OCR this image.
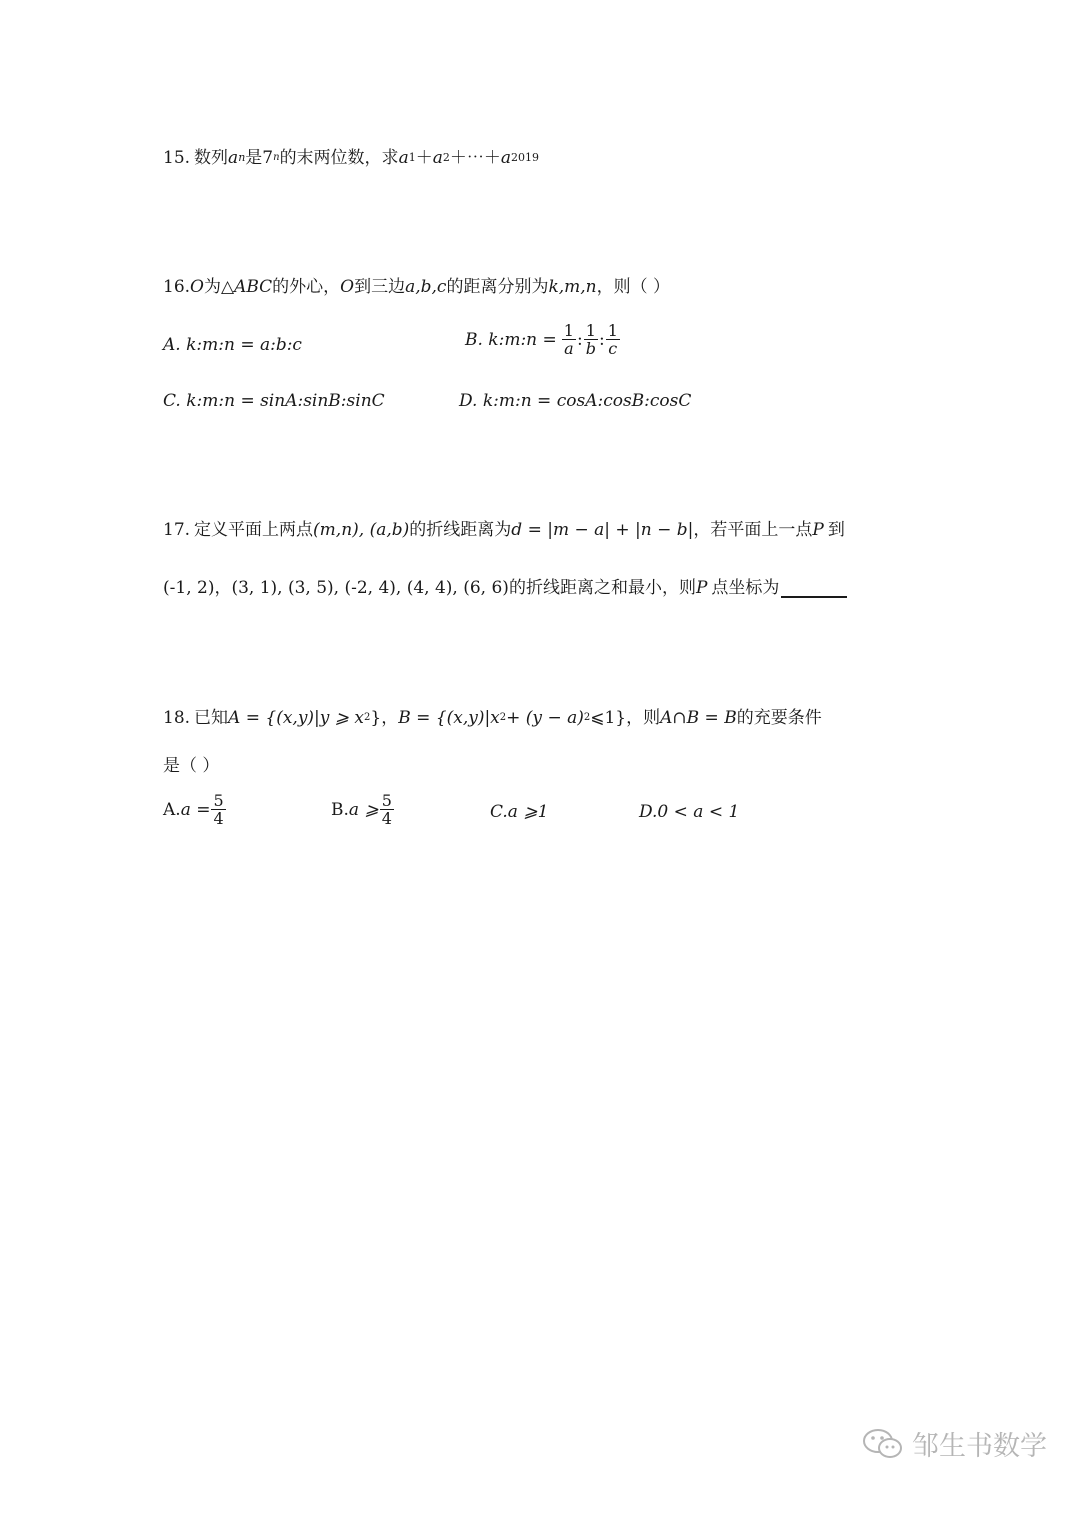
15. 数列 a n 是 7 n 的末两位数，求 a 1 ＋ a 2 ＋⋯＋ a 2019
16. O 为△ ABC 的外心， O 到三边 a,b,c 的距离分别为 k,m,n ，则（ ）
A. k:m:n = a:b:c	B. k:m:n = $\frac{1}{a}$ : $\frac{1}{b}$ : $\frac{1}{c}$
C. k:m:n = sinA:sinB:sinC	D. k:m:n = cosA:cosB:cosC
17. 定义平面上两点 (m,n), (a,b) 的折线距离为 d = |m − a| + |n − b| ，若平面上一点 P 到
(-1, 2)，(3, 1), (3, 5), (-2, 4), (4, 4), (6, 6) 的折线距离之和最小，则 P 点坐标为
18. 已知 A = {(x,y)|y ⩾ x 2 }， B = {(x,y)|x 2 + (y − a) 2 ⩽1}，则 A∩B = B 的充要条件
是（ ）
A. $a = \frac{5}{4}$	B. a ⩾ $\frac{5}{4}$	C.a ⩾1	D.0 < a < 1
邹生书数学
